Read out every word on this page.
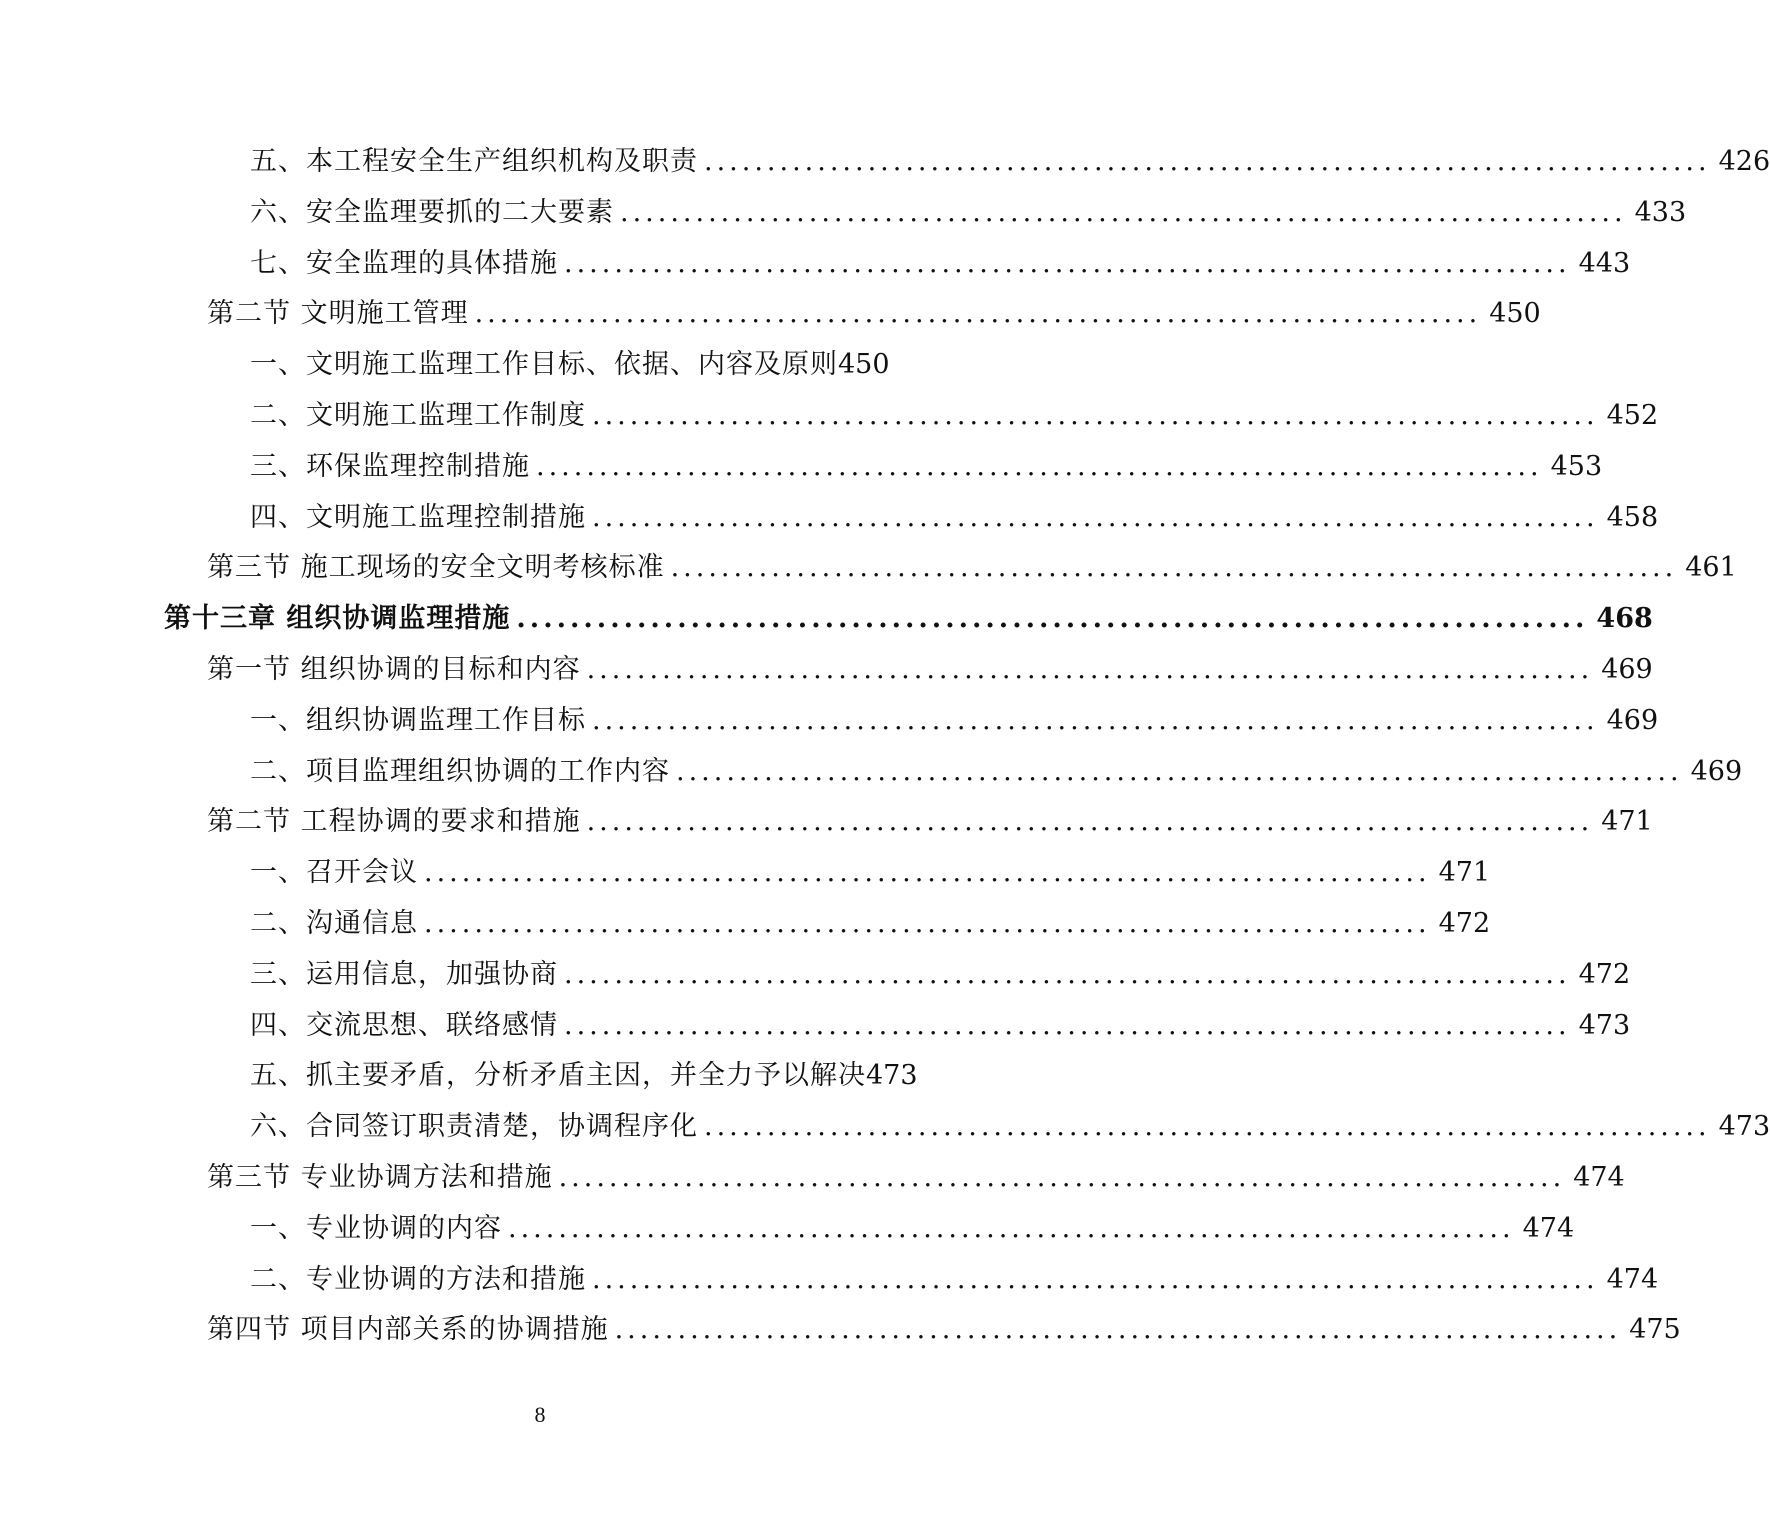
五、本工程安全生产组织机构及职责 ................................................................................ 426
六、安全监理要抓的二大要素 ................................................................................ 433
七、安全监理的具体措施 ................................................................................ 443
第二节 文明施工管理 ................................................................................ 450
一、文明施工监理工作目标、依据、内容及原则 450
二、文明施工监理工作制度 ................................................................................ 452
三、环保监理控制措施 ................................................................................ 453
四、文明施工监理控制措施 ................................................................................ 458
第三节 施工现场的安全文明考核标准 ................................................................................ 461
第十三章 组织协调监理措施 ................................................................................ 468
第一节 组织协调的目标和内容 ................................................................................ 469
一、组织协调监理工作目标 ................................................................................ 469
二、项目监理组织协调的工作内容 ................................................................................ 469
第二节 工程协调的要求和措施 ................................................................................ 471
一、召开会议 ................................................................................ 471
二、沟通信息 ................................................................................ 472
三、运用信息，加强协商 ................................................................................ 472
四、交流思想、联络感情 ................................................................................ 473
五、抓主要矛盾，分析矛盾主因，并全力予以解决 473
六、合同签订职责清楚，协调程序化 ................................................................................ 473
第三节 专业协调方法和措施 ................................................................................ 474
一、专业协调的内容 ................................................................................ 474
二、专业协调的方法和措施 ................................................................................ 474
第四节 项目内部关系的协调措施 ................................................................................ 475
8
